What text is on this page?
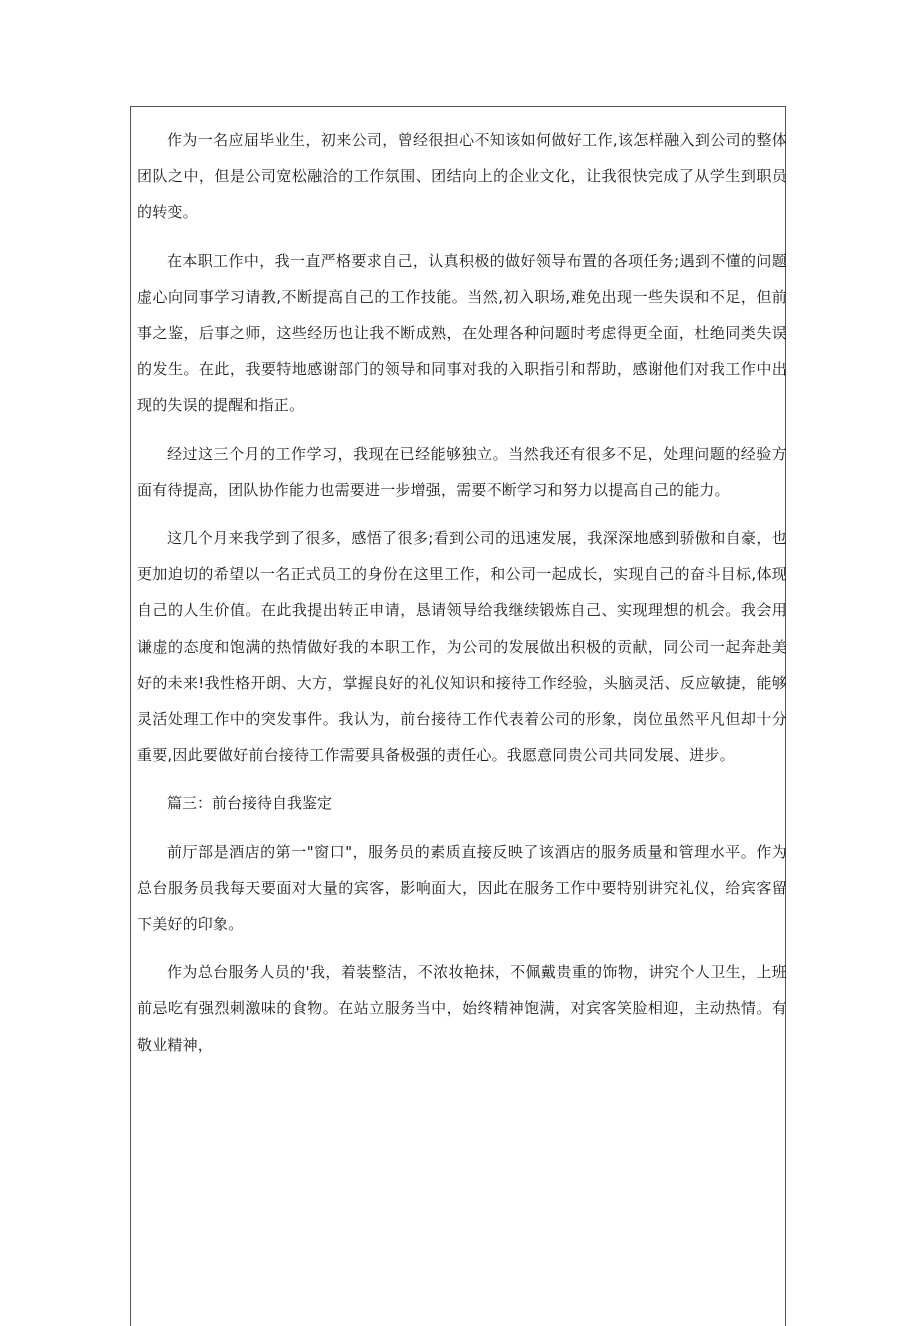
作为一名应届毕业生，初来公司，曾经很担心不知该如何做好工作,该怎样融入到公司的整体团队之中，但是公司宽松融洽的工作氛围、团结向上的企业文化，让我很快完成了从学生到职员的转变。

在本职工作中，我一直严格要求自己，认真积极的做好领导布置的各项任务;遇到不懂的问题虚心向同事学习请教,不断提高自己的工作技能。当然,初入职场,难免出现一些失误和不足，但前事之鉴，后事之师，这些经历也让我不断成熟，在处理各种问题时考虑得更全面，杜绝同类失误的发生。在此，我要特地感谢部门的领导和同事对我的入职指引和帮助，感谢他们对我工作中出现的失误的提醒和指正。

经过这三个月的工作学习，我现在已经能够独立。当然我还有很多不足，处理问题的经验方面有待提高，团队协作能力也需要进一步增强，需要不断学习和努力以提高自己的能力。

这几个月来我学到了很多，感悟了很多;看到公司的迅速发展，我深深地感到骄傲和自豪，也更加迫切的希望以一名正式员工的身份在这里工作，和公司一起成长，实现自己的奋斗目标,体现自己的人生价值。在此我提出转正申请，恳请领导给我继续锻炼自己、实现理想的机会。我会用谦虚的态度和饱满的热情做好我的本职工作，为公司的发展做出积极的贡献，同公司一起奔赴美好的未来!我性格开朗、大方，掌握良好的礼仪知识和接待工作经验，头脑灵活、反应敏捷，能够灵活处理工作中的突发事件。我认为，前台接待工作代表着公司的形象，岗位虽然平凡但却十分重要,因此要做好前台接待工作需要具备极强的责任心。我愿意同贵公司共同发展、进步。

篇三：前台接待自我鉴定

前厅部是酒店的第一"窗口"，服务员的素质直接反映了该酒店的服务质量和管理水平。作为总台服务员我每天要面对大量的宾客，影响面大，因此在服务工作中要特别讲究礼仪，给宾客留下美好的印象。

作为总台服务人员的'我，着装整洁，不浓妆艳抹，不佩戴贵重的饰物，讲究个人卫生，上班前忌吃有强烈刺激味的食物。在站立服务当中，始终精神饱满，对宾客笑脸相迎，主动热情。有敬业精神，
